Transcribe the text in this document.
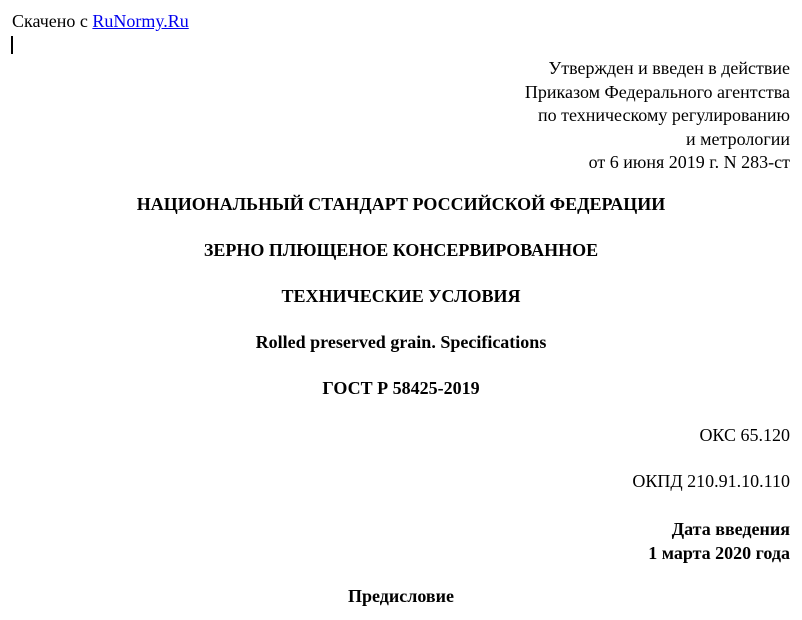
Скачено с RuNormy.Ru
Утвержден и введен в действие
Приказом Федерального агентства
по техническому регулированию
и метрологии
от 6 июня 2019 г. N 283-ст
НАЦИОНАЛЬНЫЙ СТАНДАРТ РОССИЙСКОЙ ФЕДЕРАЦИИ
ЗЕРНО ПЛЮЩЕНОЕ КОНСЕРВИРОВАННОЕ
ТЕХНИЧЕСКИЕ УСЛОВИЯ
Rolled preserved grain. Specifications
ГОСТ Р 58425-2019
ОКС 65.120
ОКПД 210.91.10.110
Дата введения
1 марта 2020 года
Предисловие
